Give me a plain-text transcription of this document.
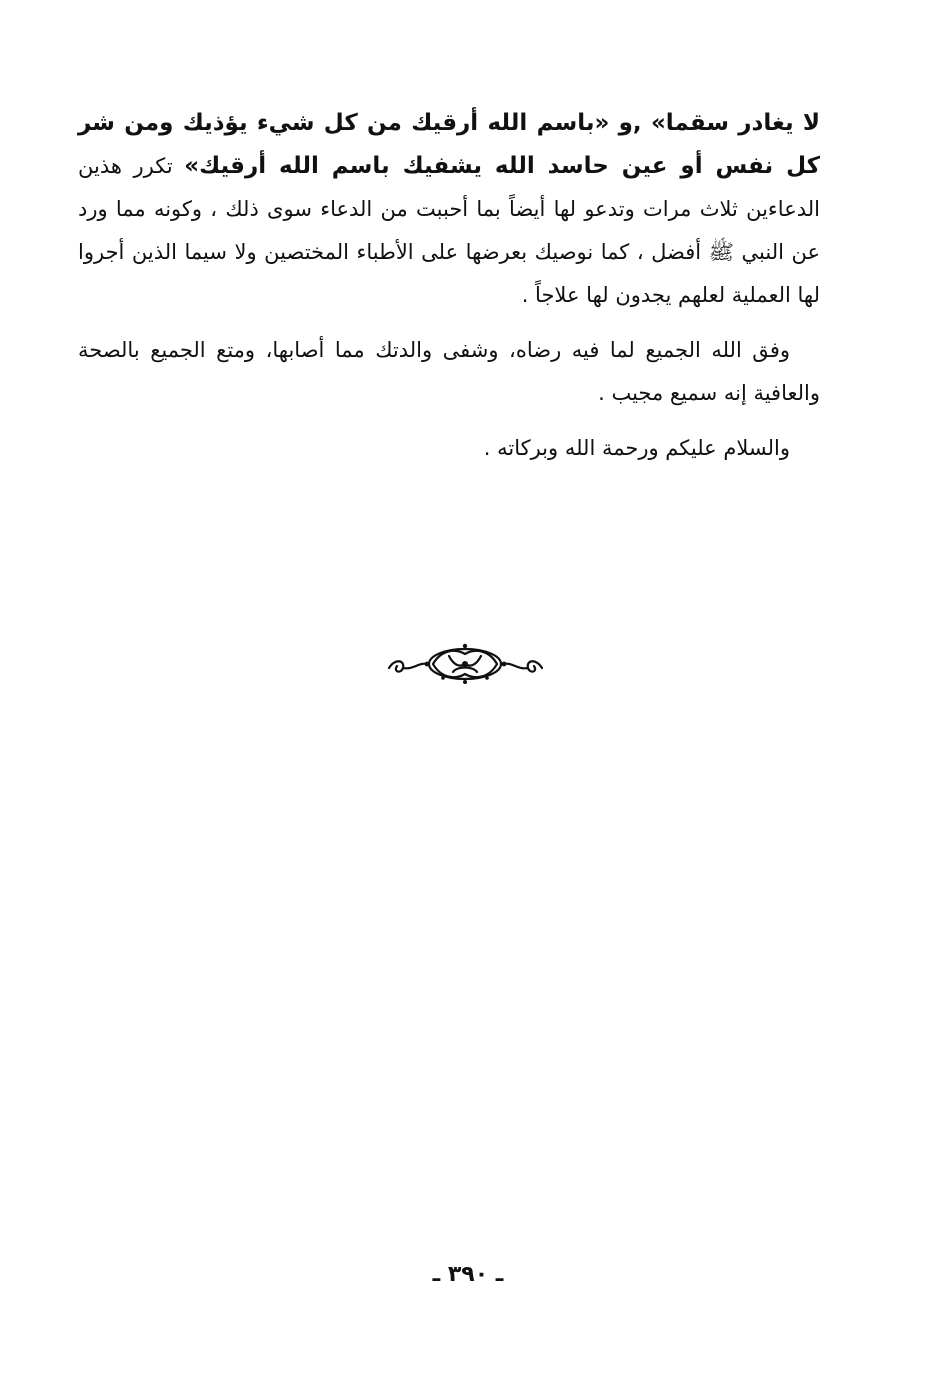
لا يغادر سقما» ,و «باسم الله أرقيك من كل شيء يؤذيك ومن شر كل نفس أو عين حاسد الله يشفيك باسم الله أرقيك» تكرر هذين الدعاءين ثلاث مرات وتدعو لها أيضاً بما أحببت من الدعاء سوى ذلك ، وكونه مما ورد عن النبي ﷺ أفضل ، كما نوصيك بعرضها على الأطباء المختصين ولا سيما الذين أجروا لها العملية لعلهم يجدون لها علاجاً .

وفق الله الجميع لما فيه رضاه، وشفى والدتك مما أصابها، ومتع الجميع بالصحة والعافية إنه سميع مجيب .

والسلام عليكم ورحمة الله وبركاته .

ـ ٣٩٠ ـ
